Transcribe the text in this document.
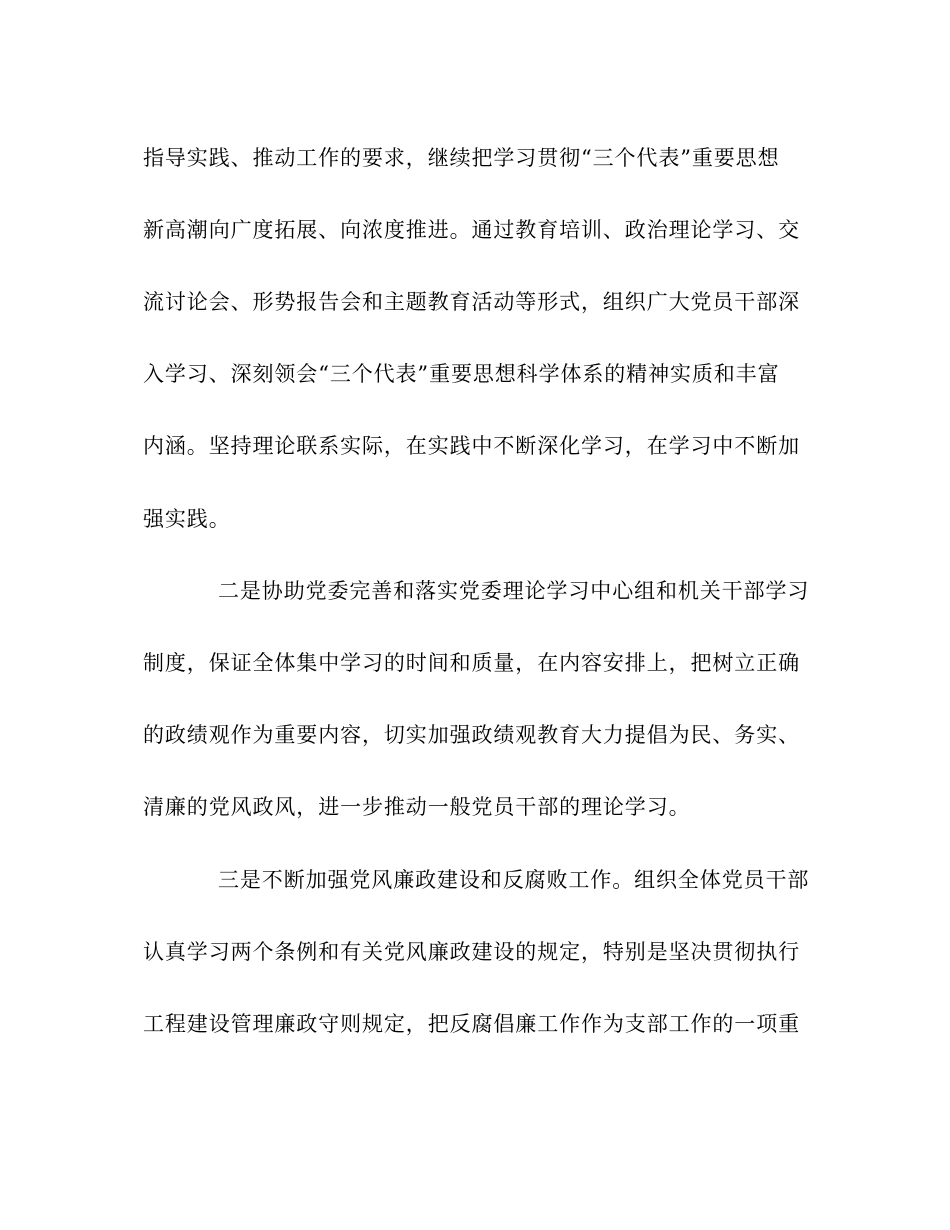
指导实践、推动工作的要求，继续把学习贯彻“三个代表”重要思想
新高潮向广度拓展、向浓度推进。通过教育培训、政治理论学习、交
流讨论会、形势报告会和主题教育活动等形式，组织广大党员干部深
入学习、深刻领会“三个代表”重要思想科学体系的精神实质和丰富
内涵。坚持理论联系实际，在实践中不断深化学习，在学习中不断加
强实践。
二是协助党委完善和落实党委理论学习中心组和机关干部学习
制度，保证全体集中学习的时间和质量，在内容安排上，把树立正确
的政绩观作为重要内容，切实加强政绩观教育大力提倡为民、务实、
清廉的党风政风，进一步推动一般党员干部的理论学习。
三是不断加强党风廉政建设和反腐败工作。组织全体党员干部
认真学习两个条例和有关党风廉政建设的规定，特别是坚决贯彻执行
工程建设管理廉政守则规定，把反腐倡廉工作作为支部工作的一项重
